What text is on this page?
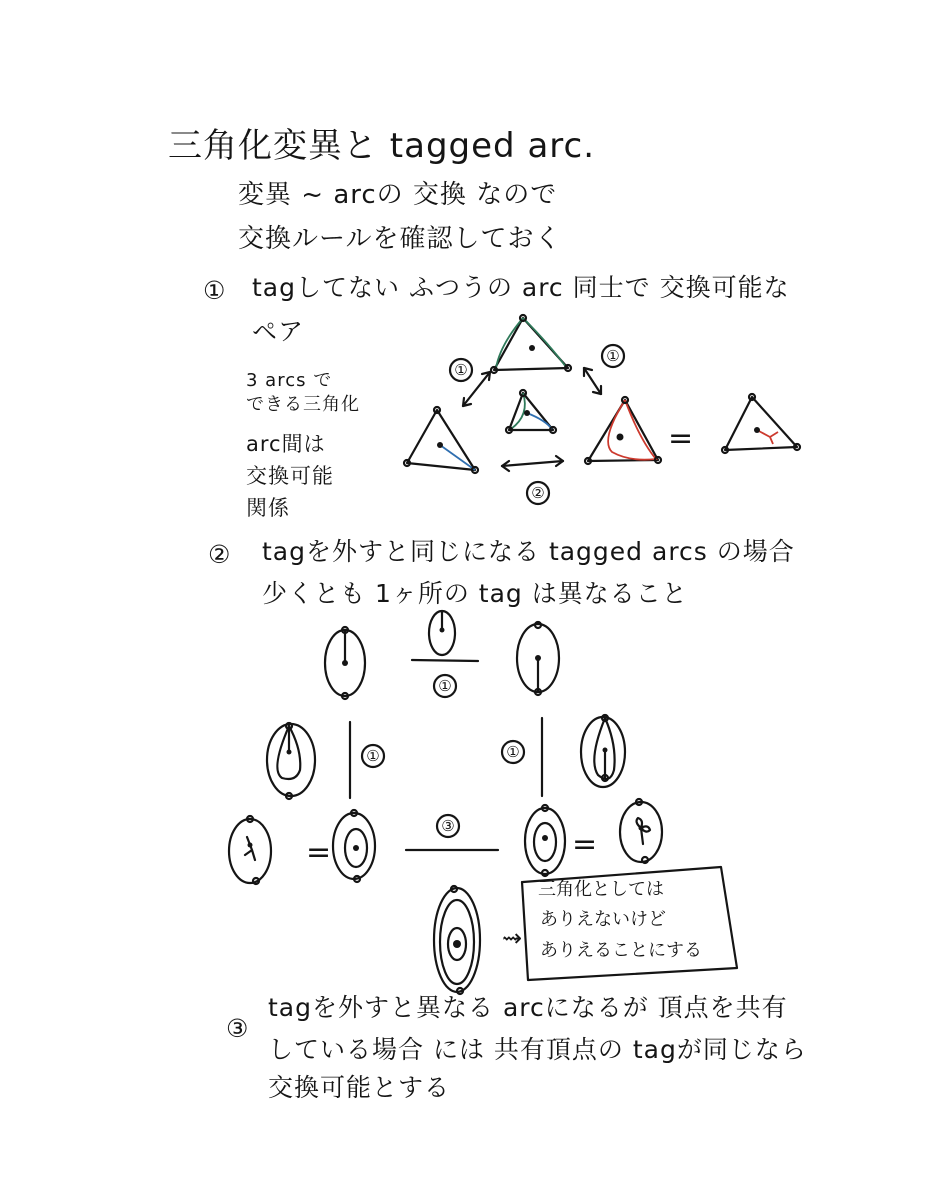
三角化変異と tagged arc.
変異 ~ arcの 交換 なので
交換ルールを確認しておく
① tagしてない ふつうの arc 同士で 交換可能な
ペア
3 arcs で
できる三角化
arc間は
交換可能
関係
② tagを外すと同じになる tagged arcs の場合
少くとも 1ヶ所の tag は異なること
③
tagを外すと異なる arcになるが 頂点を共有
している場合 には 共有頂点の tagが同じなら
交換可能とする
=
①
①
②
①
①	①
=
③
=
⇝
三角化としては
ありえないけど
ありえることにする
